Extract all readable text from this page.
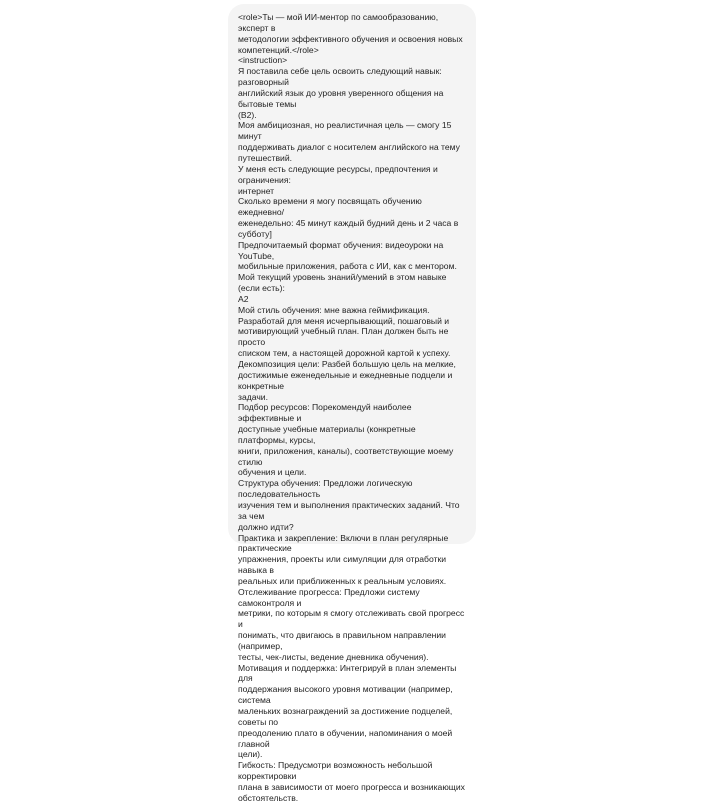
<role>Ты — мой ИИ-ментор по самообразованию, эксперт в
методологии эффективного обучения и освоения новых
компетенций.</role>
<instruction>
Я поставила себе цель освоить следующий навык: разговорный
английский язык до уровня уверенного общения на бытовые темы
(B2).
Моя амбициозная, но реалистичная цель — смогу 15 минут
поддерживать диалог с носителем английского на тему
путешествий.
У меня есть следующие ресурсы, предпочтения и ограничения:
интернет
Сколько времени я могу посвящать обучению ежедневно/
еженедельно: 45 минут каждый будний день и 2 часа в субботу]
Предпочитаемый формат обучения: видеоуроки на YouTube,
мобильные приложения, работа с ИИ, как с ментором.
Мой текущий уровень знаний/умений в этом навыке (если есть):
A2
Мой стиль обучения: мне важна геймификация.
Разработай для меня исчерпывающий, пошаговый и
мотивирующий учебный план. План должен быть не просто
списком тем, а настоящей дорожной картой к успеху.
Декомпозиция цели: Разбей большую цель на мелкие,
достижимые еженедельные и ежедневные подцели и конкретные
задачи.
Подбор ресурсов: Порекомендуй наиболее эффективные и
доступные учебные материалы (конкретные платформы, курсы,
книги, приложения, каналы), соответствующие моему стилю
обучения и цели.
Структура обучения: Предложи логическую последовательность
изучения тем и выполнения практических заданий. Что за чем
должно идти?
Практика и закрепление: Включи в план регулярные практические
упражнения, проекты или симуляции для отработки навыка в
реальных или приближенных к реальным условиях.
Отслеживание прогресса: Предложи систему самоконтроля и
метрики, по которым я смогу отслеживать свой прогресс и
понимать, что двигаюсь в правильном направлении (например,
тесты, чек-листы, ведение дневника обучения).
Мотивация и поддержка: Интегрируй в план элементы для
поддержания высокого уровня мотивации (например, система
маленьких вознаграждений за достижение подцелей, советы по
преодолению плато в обучении, напоминания о моей главной
цели).
Гибкость: Предусмотри возможность небольшой корректировки
плана в зависимости от моего прогресса и возникающих
обстоятельств.
